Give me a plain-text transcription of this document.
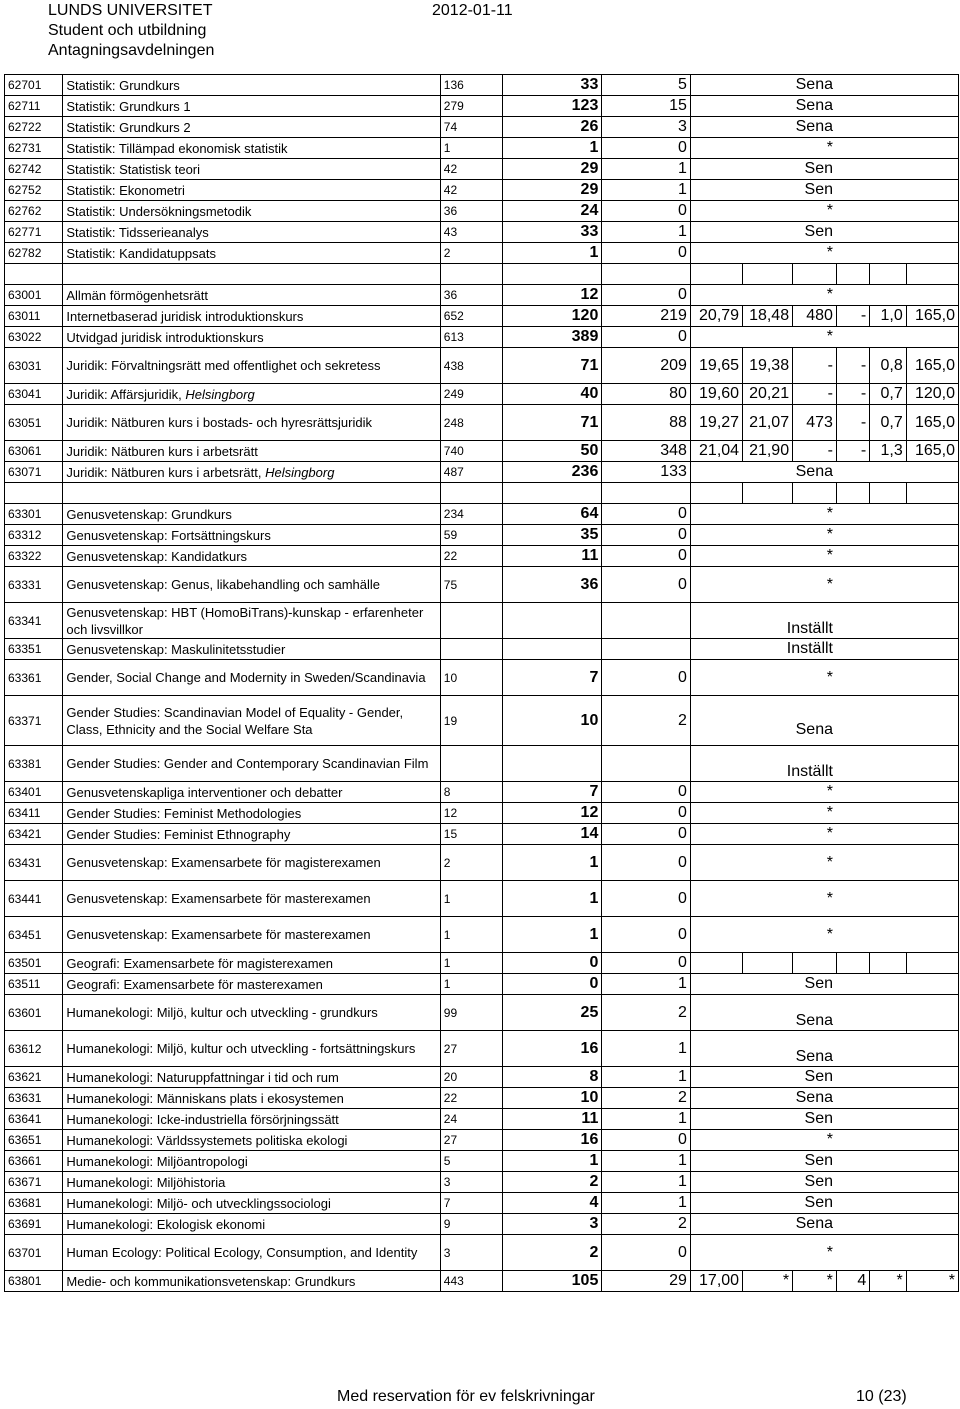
LUNDS UNIVERSITET
Student och utbildning
Antagningsavdelningen
2012-01-11
62701	Statistik: Grundkurs	136	33	5	Sena					
62711	Statistik: Grundkurs 1	279	123	15	Sena					
62722	Statistik: Grundkurs 2	74	26	3	Sena					
62731	Statistik: Tillämpad ekonomisk statistik	1	1	0	*					
62742	Statistik: Statistisk teori	42	29	1	Sen					
62752	Statistik: Ekonometri	42	29	1	Sen					
62762	Statistik: Undersökningsmetodik	36	24	0	*					
62771	Statistik: Tidsserieanalys	43	33	1	Sen					
62782	Statistik: Kandidatuppsats	2	1	0	*					

63001	Allmän förmögenhetsrätt	36	12	0	*					
63011	Internetbaserad juridisk introduktionskurs	652	120	219	20,79	18,48	480	-	1,0	165,0
63022	Utvidgad juridisk introduktionskurs	613	389	0	*					
63031	Juridik: Förvaltningsrätt med offentlighet och sekretess	438	71	209	19,65	19,38	-	-	0,8	165,0
63041	Juridik: Affärsjuridik, Helsingborg	249	40	80	19,60	20,21	-	-	0,7	120,0
63051	Juridik: Nätburen kurs i bostads- och hyresrättsjuridik	248	71	88	19,27	21,07	473	-	0,7	165,0
63061	Juridik: Nätburen kurs i arbetsrätt	740	50	348	21,04	21,90	-	-	1,3	165,0
63071	Juridik: Nätburen kurs i arbetsrätt, Helsingborg	487	236	133	Sena					

63301	Genusvetenskap: Grundkurs	234	64	0	*					
63312	Genusvetenskap: Fortsättningskurs	59	35	0	*					
63322	Genusvetenskap: Kandidatkurs	22	11	0	*					
63331	Genusvetenskap: Genus, likabehandling och samhälle	75	36	0	*					
63341	Genusvetenskap: HBT (HomoBiTrans)-kunskap - erfarenheter och livsvillkor				Inställt					
63351	Genusvetenskap: Maskulinitetsstudier				Inställt					
63361	Gender, Social Change and Modernity in Sweden/Scandinavia	10	7	0	*					
63371	Gender Studies: Scandinavian Model of Equality - Gender, Class, Ethnicity and the Social Welfare Sta	19	10	2	Sena					
63381	Gender Studies: Gender and Contemporary Scandinavian Film				Inställt					
63401	Genusvetenskapliga interventioner och debatter	8	7	0	*					
63411	Gender Studies: Feminist Methodologies	12	12	0	*					
63421	Gender Studies: Feminist Ethnography	15	14	0	*					
63431	Genusvetenskap: Examensarbete för magisterexamen	2	1	0	*					
63441	Genusvetenskap: Examensarbete för masterexamen	1	1	0	*					
63451	Genusvetenskap: Examensarbete för masterexamen	1	1	0	*					
63501	Geografi: Examensarbete för magisterexamen	1	0	0						
63511	Geografi: Examensarbete för masterexamen	1	0	1	Sen					
63601	Humanekologi: Miljö, kultur och utveckling - grundkurs	99	25	2	Sena					
63612	Humanekologi: Miljö, kultur och utveckling - fortsättningskurs	27	16	1	Sena					
63621	Humanekologi: Naturuppfattningar i tid och rum	20	8	1	Sen					
63631	Humanekologi: Människans plats i ekosystemen	22	10	2	Sena					
63641	Humanekologi: Icke-industriella försörjningssätt	24	11	1	Sen					
63651	Humanekologi: Världssystemets politiska ekologi	27	16	0	*					
63661	Humanekologi: Miljöantropologi	5	1	1	Sen					
63671	Humanekologi: Miljöhistoria	3	2	1	Sen					
63681	Humanekologi: Miljö- och utvecklingssociologi	7	4	1	Sen					
63691	Humanekologi: Ekologisk ekonomi	9	3	2	Sena					
63701	Human Ecology: Political Ecology, Consumption, and Identity	3	2	0	*					
63801	Medie- och kommunikationsvetenskap: Grundkurs	443	105	29	17,00	*	*	4	*	*
Med reservation för ev felskrivningar	10 (23)
